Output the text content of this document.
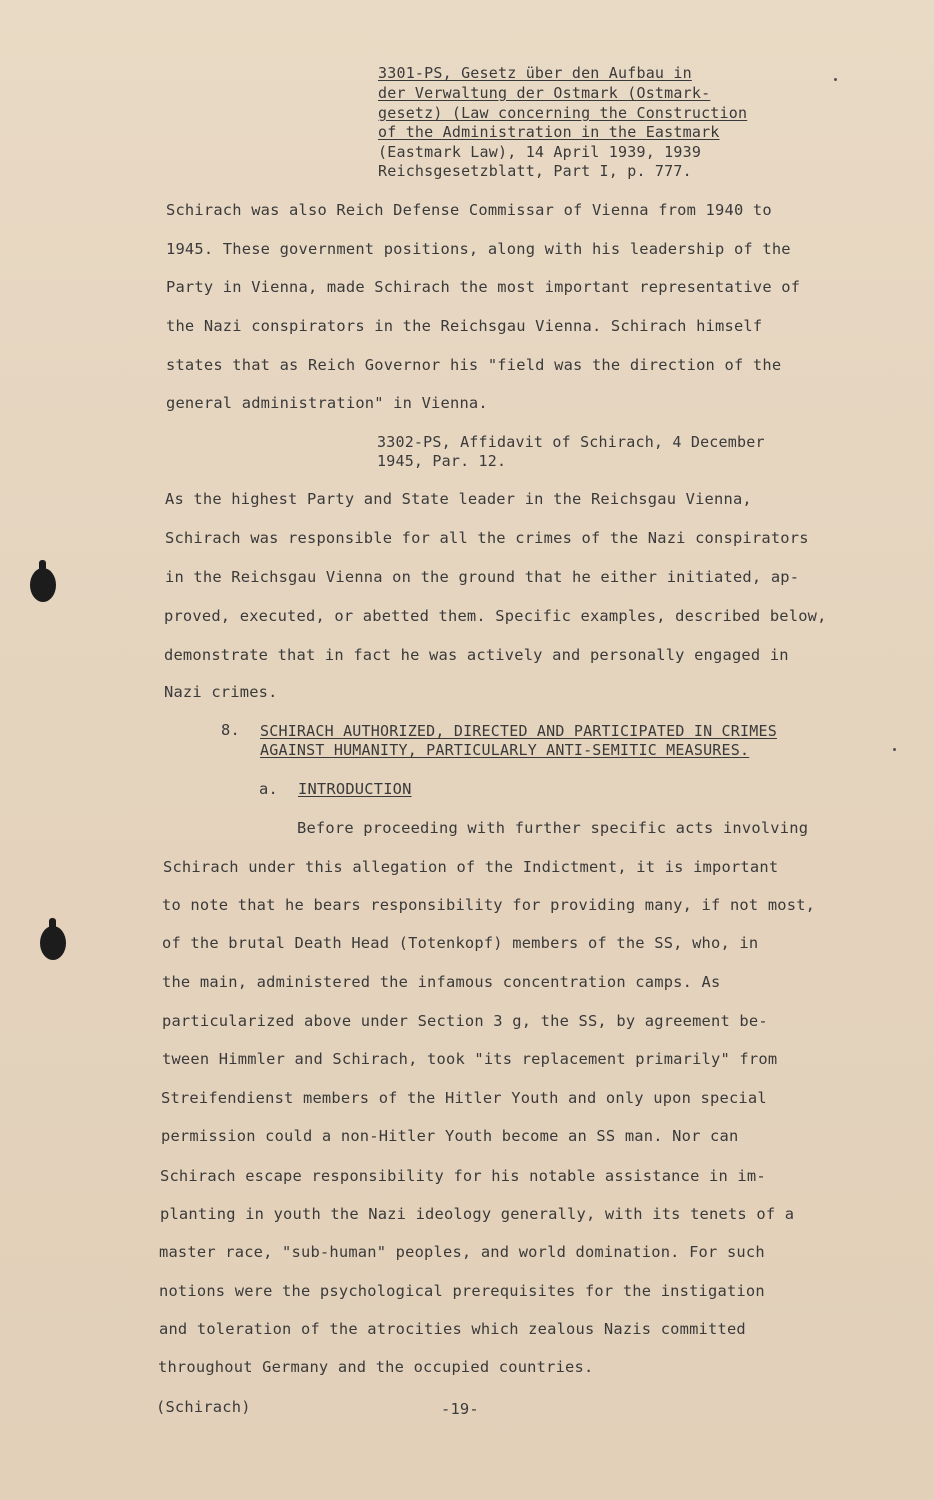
3301-PS, Gesetz über den Aufbau in
der Verwaltung der Ostmark (Ostmark-
gesetz) (Law concerning the Construction
of the Administration in the Eastmark
(Eastmark Law), 14 April 1939, 1939
Reichsgesetzblatt, Part I, p. 777.
Schirach was also Reich Defense Commissar of Vienna from 1940 to
1945. These government positions, along with his leadership of the
Party in Vienna, made Schirach the most important representative of
the Nazi conspirators in the Reichsgau Vienna. Schirach himself
states that as Reich Governor his "field was the direction of the
general administration" in Vienna.
3302-PS, Affidavit of Schirach, 4 December
1945, Par. 12.
As the highest Party and State leader in the Reichsgau Vienna,
Schirach was responsible for all the crimes of the Nazi conspirators
in the Reichsgau Vienna on the ground that he either initiated, ap-
proved, executed, or abetted them. Specific examples, described below,
demonstrate that in fact he was actively and personally engaged in
Nazi crimes.
8. SCHIRACH AUTHORIZED, DIRECTED AND PARTICIPATED IN CRIMES
AGAINST HUMANITY, PARTICULARLY ANTI-SEMITIC MEASURES.
a. INTRODUCTION
Before proceeding with further specific acts involving
Schirach under this allegation of the Indictment, it is important
to note that he bears responsibility for providing many, if not most,
of the brutal Death Head (Totenkopf) members of the SS, who, in
the main, administered the infamous concentration camps. As
particularized above under Section 3 g, the SS, by agreement be-
tween Himmler and Schirach, took "its replacement primarily" from
Streifendienst members of the Hitler Youth and only upon special
permission could a non-Hitler Youth become an SS man. Nor can
Schirach escape responsibility for his notable assistance in im-
planting in youth the Nazi ideology generally, with its tenets of a
master race, "sub-human" peoples, and world domination. For such
notions were the psychological prerequisites for the instigation
and toleration of the atrocities which zealous Nazis committed
throughout Germany and the occupied countries.
(Schirach)	-19-
